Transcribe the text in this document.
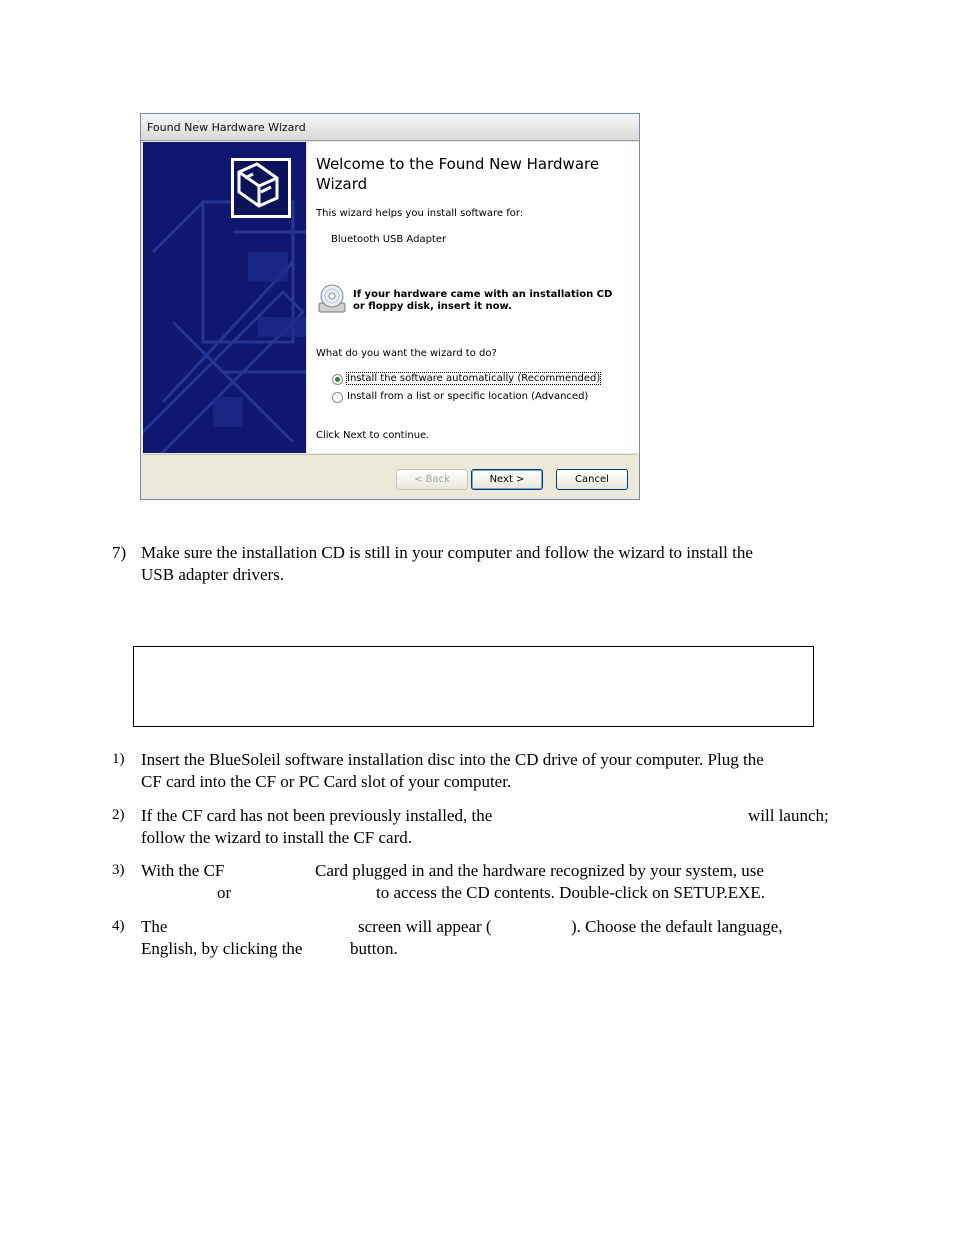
Found New Hardware Wizard
Welcome to the Found New Hardware Wizard
This wizard helps you install software for:
Bluetooth USB Adapter
If your hardware came with an installation CD
or floppy disk, insert it now.
What do you want the wizard to do?
Install the software automatically (Recommended)
Install from a list or specific location (Advanced)
Click Next to continue.
< Back	Next >	Cancel
7) Make sure the installation CD is still in your computer and follow the wizard to install the
USB adapter drivers.
1) Insert the BlueSoleil software installation disc into the CD drive of your computer. Plug the
CF card into the CF or PC Card slot of your computer.
2) If the CF card has not been previously installed, the	will launch;
follow the wizard to install the CF card.
3) With the CF	Card plugged in and the hardware recognized by your system, use
or	to access the CD contents. Double-click on SETUP.EXE.
4) The	screen will appear (	). Choose the default language,
English, by clicking the	button.
